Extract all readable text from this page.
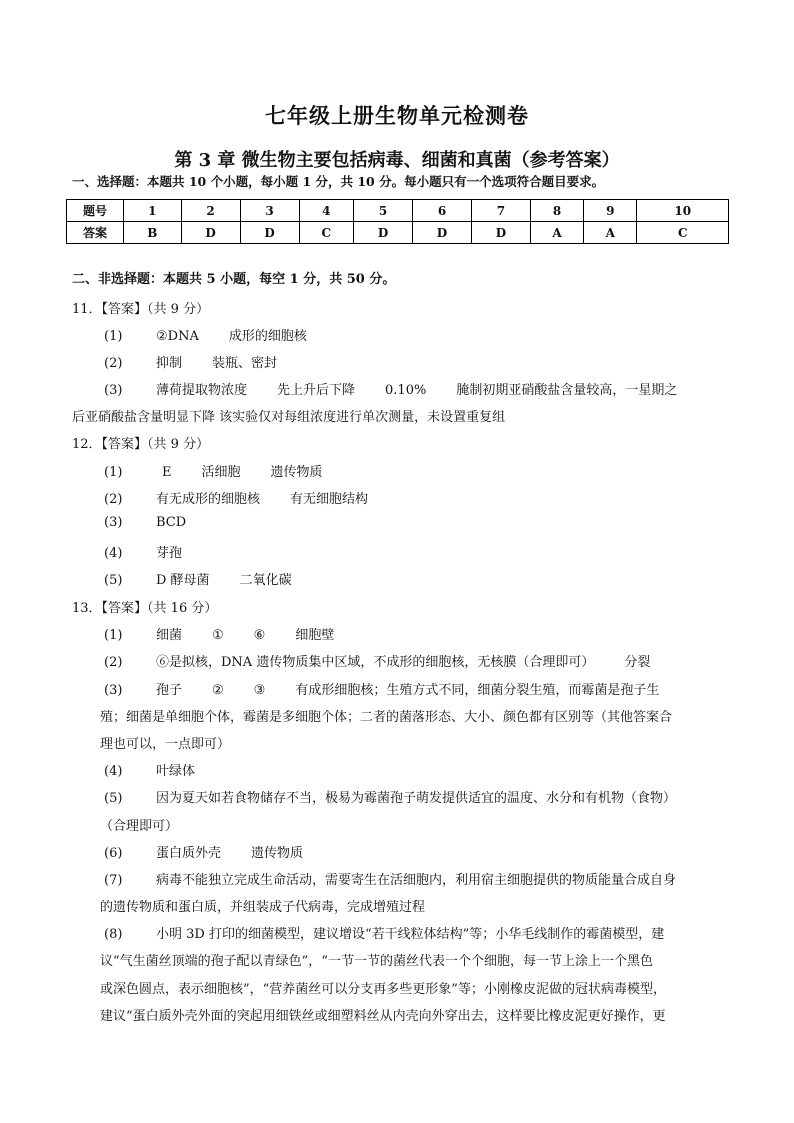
七年级上册生物单元检测卷
第 3 章 微生物主要包括病毒、细菌和真菌（参考答案）
一、选择题：本题共 10 个小题，每小题 1 分，共 10 分。每小题只有一个选项符合题目要求。
题号	1	2	3	4	5	6	7	8	9	10
答案	B	D	D	C	D	D	D	A	A	C
二、非选择题：本题共 5 小题，每空 1 分，共 50 分。
11．【答案】（共 9 分）
(1)	②DNA 成形的细胞核
(2)	抑制 装瓶、密封
(3)	薄荷提取物浓度 先上升后下降 0.10% 腌制初期亚硝酸盐含量较高，一星期之
后亚硝酸盐含量明显下降 该实验仅对每组浓度进行单次测量，未设置重复组
12．【答案】（共 9 分）
(1)	E 活细胞 遗传物质
(2)	有无成形的细胞核 有无细胞结构
(3)	BCD
(4)	芽孢
(5)	D 酵母菌 二氧化碳
13．【答案】（共 16 分）
(1)	细菌 ① ⑥ 细胞壁
(2)	⑥是拟核，DNA 遗传物质集中区域，不成形的细胞核，无核膜（合理即可） 分裂
(3)	孢子 ② ③ 有成形细胞核；生殖方式不同，细菌分裂生殖，而霉菌是孢子生
殖；细菌是单细胞个体，霉菌是多细胞个体；二者的菌落形态、大小、颜色都有区别等（其他答案合
理也可以，一点即可）
(4)	叶绿体
(5)	因为夏天如若食物储存不当，极易为霉菌孢子萌发提供适宜的温度、水分和有机物（食物）
（合理即可）
(6)	蛋白质外壳 遗传物质
(7)	病毒不能独立完成生命活动，需要寄生在活细胞内，利用宿主细胞提供的物质能量合成自身
的遗传物质和蛋白质，并组装成子代病毒，完成增殖过程
(8)	小明 3D 打印的细菌模型，建议增设“若干线粒体结构”等；小华毛线制作的霉菌模型，建
议“气生菌丝顶端的孢子配以青绿色”，“一节一节的菌丝代表一个个细胞，每一节上涂上一个黑色
或深色圆点，表示细胞核”，“营养菌丝可以分支再多些更形象”等；小刚橡皮泥做的冠状病毒模型，
建议“蛋白质外壳外面的突起用细铁丝或细塑料丝从内壳向外穿出去，这样要比橡皮泥更好操作，更
